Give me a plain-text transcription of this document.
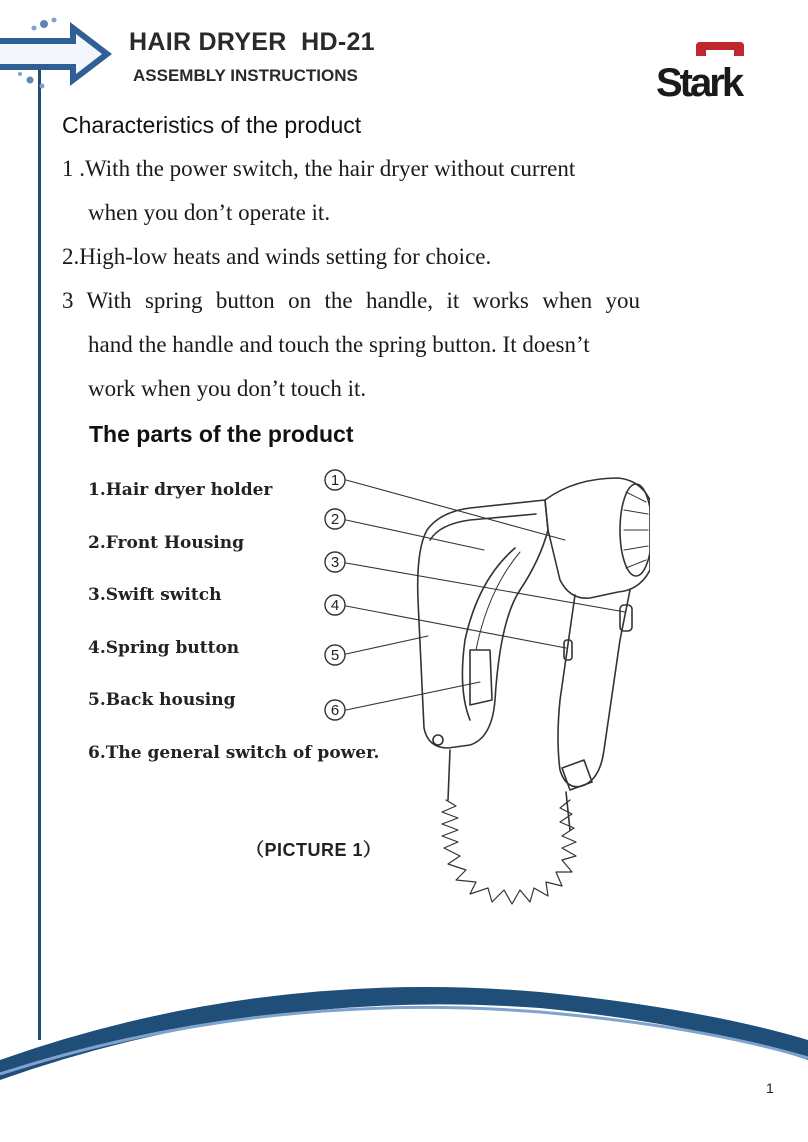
HAIR DRYER  HD-21
ASSEMBLY INSTRUCTIONS	Stark
Characteristics of the product
1 .With the power switch, the hair dryer without current
when you donʼt operate it.
2.High-low heats and winds setting for choice.
3 With spring button on the handle, it works when you
hand the handle and touch the spring button. It doesn’t
work when you don’t touch it.
The parts of the product
1.Hair dryer holder
2.Front Housing
3.Swift switch
4.Spring button
5.Back housing
6.The general switch of power.
1
2
3
4
5
6
（PICTURE 1）
1
